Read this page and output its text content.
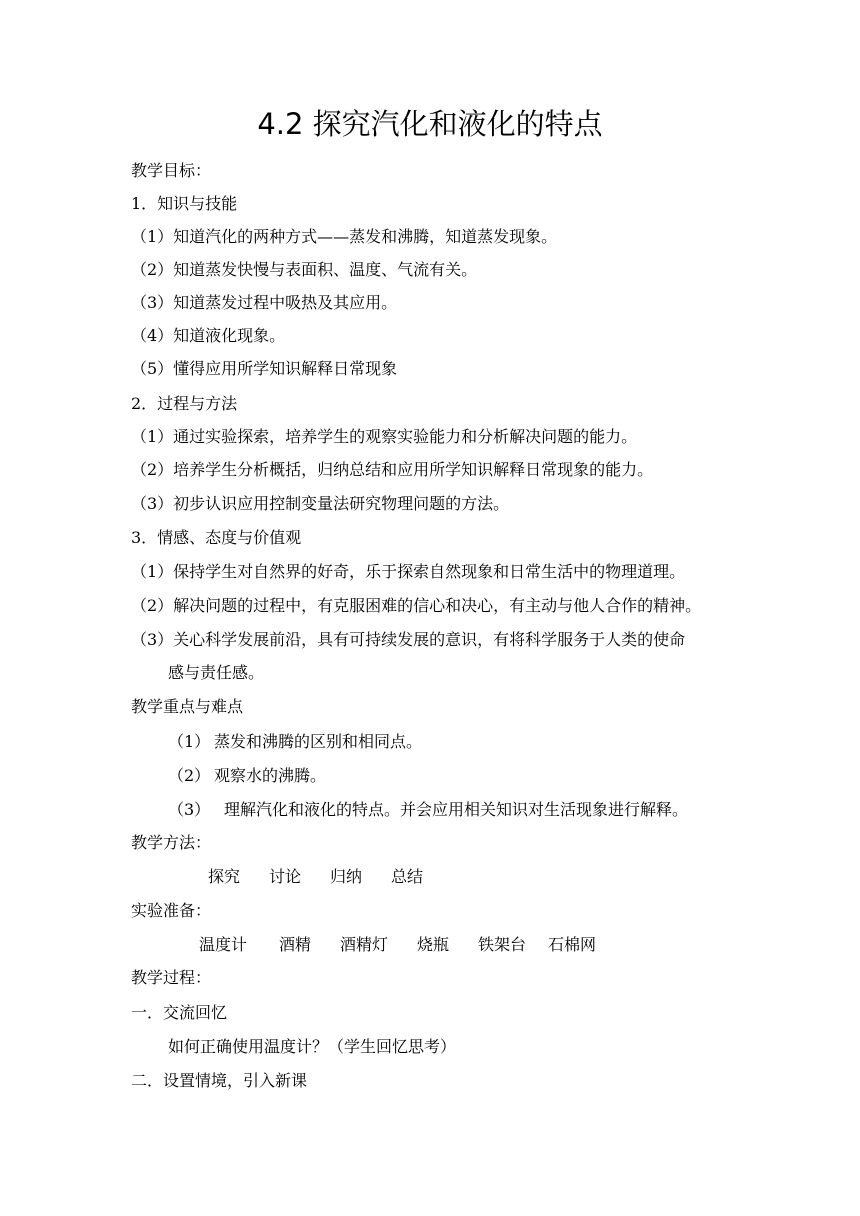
4.2 探究汽化和液化的特点

教学目标：

1．知识与技能

（1）知道汽化的两种方式——蒸发和沸腾，知道蒸发现象。

（2）知道蒸发快慢与表面积、温度、气流有关。

（3）知道蒸发过程中吸热及其应用。

（4）知道液化现象。

（5）懂得应用所学知识解释日常现象

2．过程与方法

（1）通过实验探索，培养学生的观察实验能力和分析解决问题的能力。

（2）培养学生分析概括，归纳总结和应用所学知识解释日常现象的能力。

（3）初步认识应用控制变量法研究物理问题的方法。

3．情感、态度与价值观

（1）保持学生对自然界的好奇，乐于探索自然现象和日常生活中的物理道理。

（2）解决问题的过程中，有克服困难的信心和决心，有主动与他人合作的精神。

（3）关心科学发展前沿，具有可持续发展的意识，有将科学服务于人类的使命

感与责任感。

教学重点与难点

（1） 蒸发和沸腾的区别和相同点。
（2） 观察水的沸腾。
（3） 理解汽化和液化的特点。并会应用相关知识对生活现象进行解释。

教学方法：

探究	讨论	归纳	总结

实验准备：

温度计	酒精	酒精灯	烧瓶	铁架台	石棉网

教学过程：

一．交流回忆

如何正确使用温度计？（学生回忆思考）

二．设置情境，引入新课
